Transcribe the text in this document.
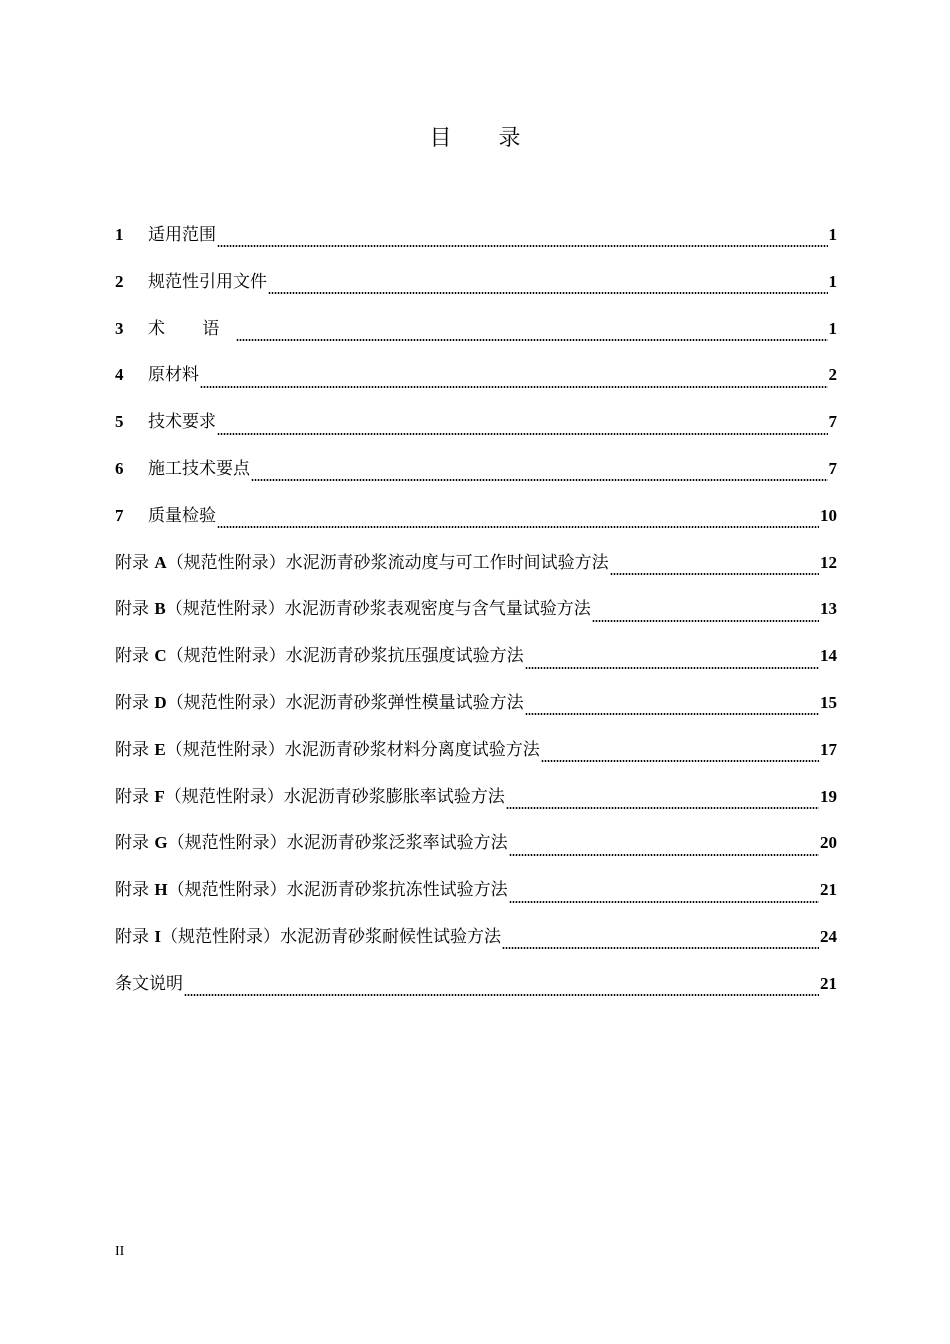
目 录
1	适用范围	1
2	规范性引用文件	1
3	术 语	1
4	原材料	2
5	技术要求	7
6	施工技术要点	7
7	质量检验	10
附录 A（规范性附录）水泥沥青砂浆流动度与可工作时间试验方法	12
附录 B（规范性附录）水泥沥青砂浆表观密度与含气量试验方法	13
附录 C（规范性附录）水泥沥青砂浆抗压强度试验方法	14
附录 D（规范性附录）水泥沥青砂浆弹性模量试验方法	15
附录 E（规范性附录）水泥沥青砂浆材料分离度试验方法	17
附录 F（规范性附录）水泥沥青砂浆膨胀率试验方法	19
附录 G（规范性附录）水泥沥青砂浆泛浆率试验方法	20
附录 H（规范性附录）水泥沥青砂浆抗冻性试验方法	21
附录 I（规范性附录）水泥沥青砂浆耐候性试验方法	24
条文说明	21
II
